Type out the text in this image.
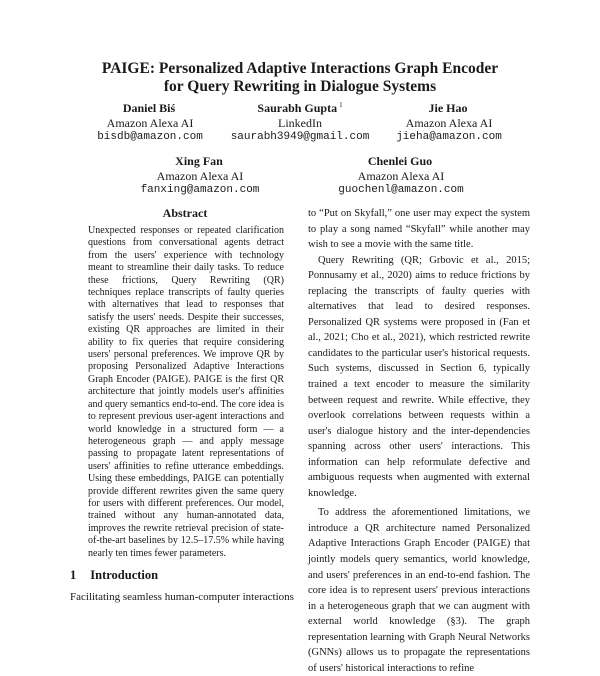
PAIGE: Personalized Adaptive Interactions Graph Encoder
for Query Rewriting in Dialogue Systems
Daniel Biś
Amazon Alexa AI
bisdb@amazon.com
Saurabh Gupta $^1$
LinkedIn
saurabh3949@gmail.com
Jie Hao
Amazon Alexa AI
jieha@amazon.com
Xing Fan
Amazon Alexa AI
fanxing@amazon.com
Chenlei Guo
Amazon Alexa AI
guochenl@amazon.com
Abstract
Unexpected responses or repeated clarification questions from conversational agents detract from the users' experience with technology meant to streamline their daily tasks. To reduce these frictions, Query Rewriting (QR) techniques replace transcripts of faulty queries with alternatives that lead to responses that satisfy the users' needs. Despite their successes, existing QR approaches are limited in their ability to fix queries that require considering users' personal preferences. We improve QR by proposing Personalized Adaptive Interactions Graph Encoder (PAIGE). PAIGE is the first QR architecture that jointly models user's affinities and query semantics end-to-end. The core idea is to represent previous user-agent interactions and world knowledge in a structured form — a heterogeneous graph — and apply message passing to propagate latent representations of users' affinities to refine utterance embeddings. Using these embeddings, PAIGE can potentially provide different rewrites given the same query for users with different preferences. Our model, trained without any human-annotated data, improves the rewrite retrieval precision of state-of-the-art baselines by 12.5–17.5% while having nearly ten times fewer parameters.
1 Introduction
Facilitating seamless human-computer interactions

to “Put on Skyfall,” one user may expect the system to play a song named “Skyfall” while another may wish to see a movie with the same title.

Query Rewriting (QR; Grbovic et al., 2015; Ponnusamy et al., 2020) aims to reduce frictions by replacing the transcripts of faulty queries with alternatives that lead to desired responses. Personalized QR systems were proposed in (Fan et al., 2021; Cho et al., 2021), which restricted rewrite candidates to the particular user's historical requests. Such systems, discussed in Section 6, typically trained a text encoder to measure the similarity between request and rewrite. While effective, they overlook correlations between requests within a user's dialogue history and the inter-dependencies spanning across other users' interactions. This information can help reformulate defective and ambiguous requests when augmented with external knowledge.

To address the aforementioned limitations, we introduce a QR architecture named Personalized Adaptive Interactions Graph Encoder (PAIGE) that jointly models query semantics, world knowledge, and users' preferences in an end-to-end fashion. The core idea is to represent users' previous interactions in a heterogeneous graph that we can augment with external world knowledge (§3). The graph representation learning with Graph Neural Networks (GNNs) allows us to propagate the representations of users' historical interactions to refine
